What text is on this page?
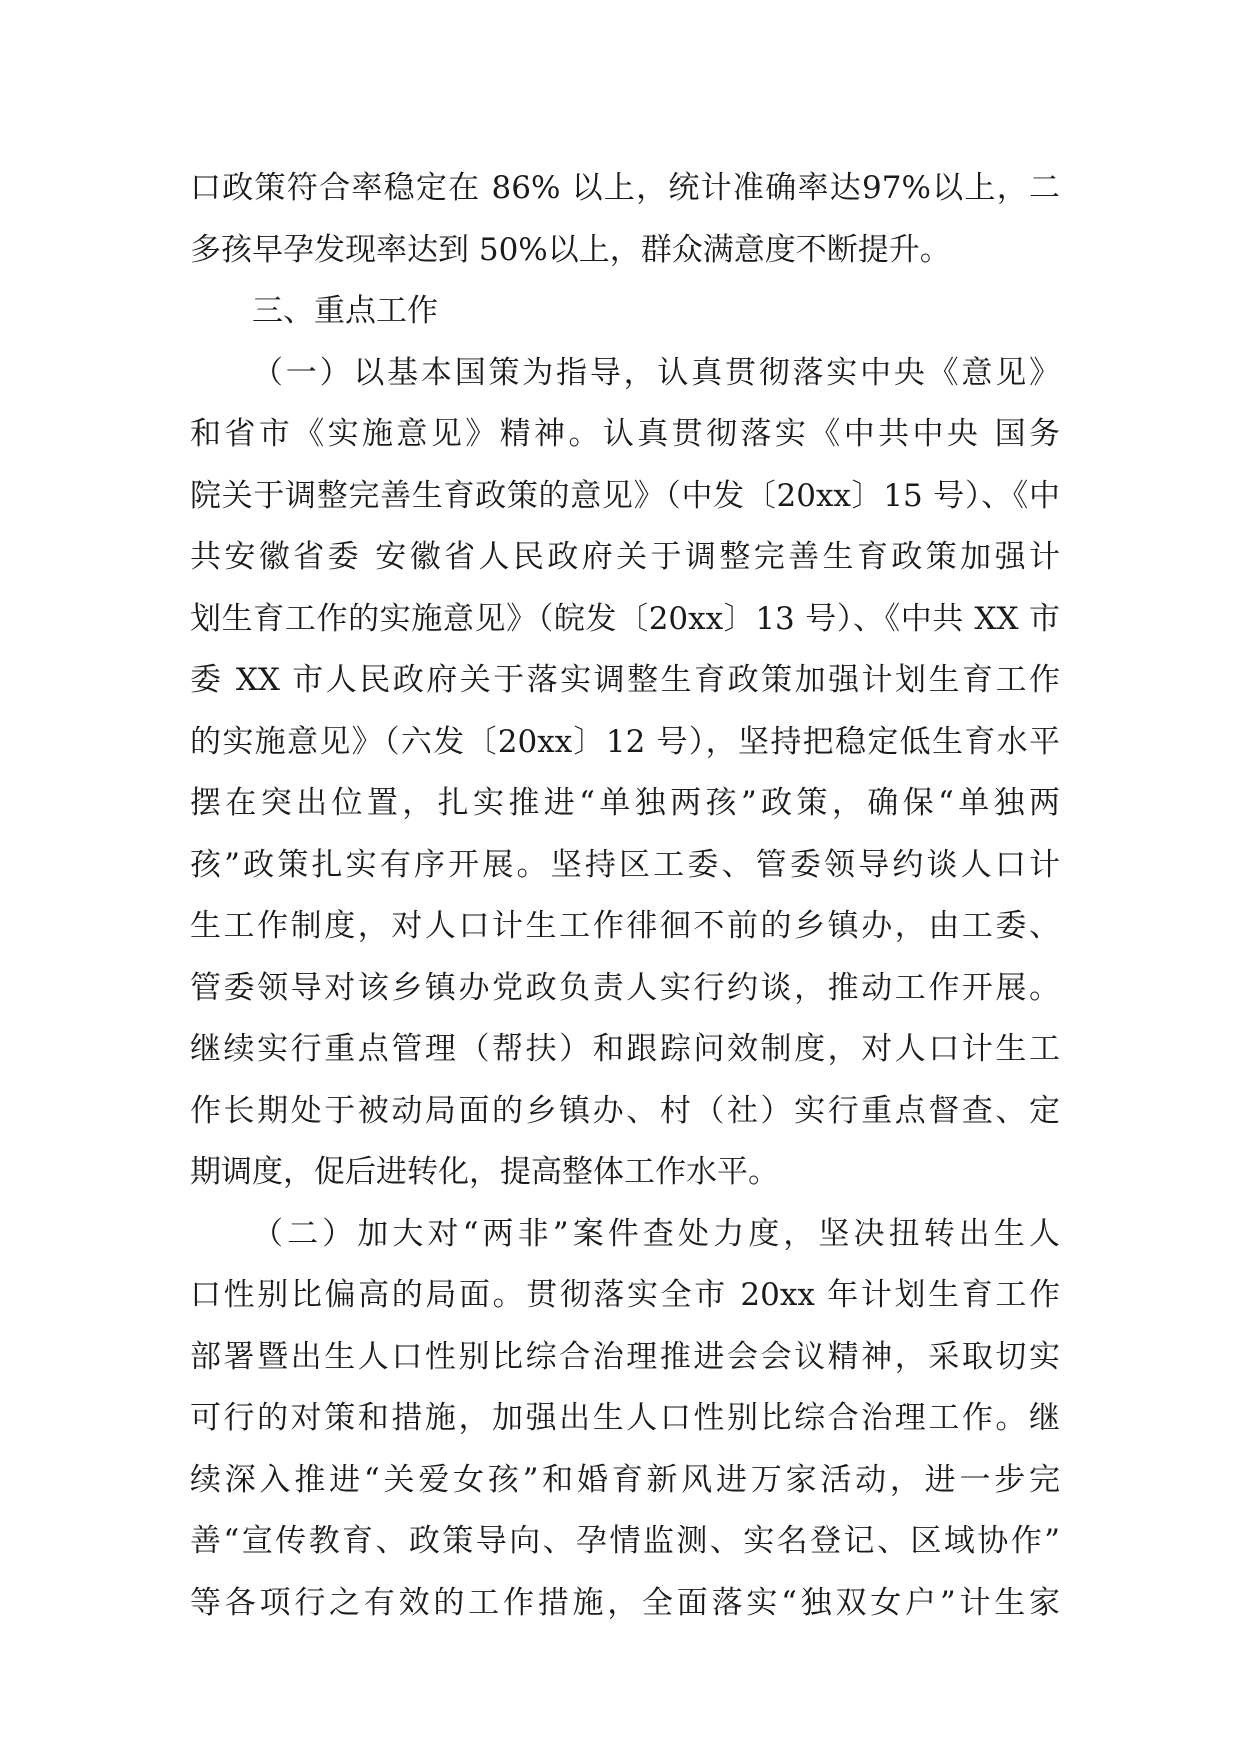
口政策符合率稳定在 86% 以上，统计准确率达97%以上，二
多孩早孕发现率达到 50%以上，群众满意度不断提升。
三、重点工作
（一）以基本国策为指导，认真贯彻落实中央《意见》
和省市《实施意见》精神。认真贯彻落实《中共中央 国务
院关于调整完善生育政策的意见》（中发〔20xx〕15 号）、《中
共安徽省委 安徽省人民政府关于调整完善生育政策加强计
划生育工作的实施意见》（皖发〔20xx〕13 号）、《中共 XX 市
委 XX 市人民政府关于落实调整生育政策加强计划生育工作
的实施意见》（六发〔20xx〕12 号），坚持把稳定低生育水平
摆在突出位置，扎实推进“单独两孩”政策，确保“单独两
孩”政策扎实有序开展。坚持区工委、管委领导约谈人口计
生工作制度，对人口计生工作徘徊不前的乡镇办，由工委、
管委领导对该乡镇办党政负责人实行约谈，推动工作开展。
继续实行重点管理（帮扶）和跟踪问效制度，对人口计生工
作长期处于被动局面的乡镇办、村（社）实行重点督查、定
期调度，促后进转化，提高整体工作水平。
（二）加大对“两非”案件查处力度，坚决扭转出生人
口性别比偏高的局面。贯彻落实全市 20xx 年计划生育工作
部署暨出生人口性别比综合治理推进会会议精神，采取切实
可行的对策和措施，加强出生人口性别比综合治理工作。继
续深入推进“关爱女孩”和婚育新风进万家活动，进一步完
善“宣传教育、政策导向、孕情监测、实名登记、区域协作”
等各项行之有效的工作措施，全面落实“独双女户”计生家
